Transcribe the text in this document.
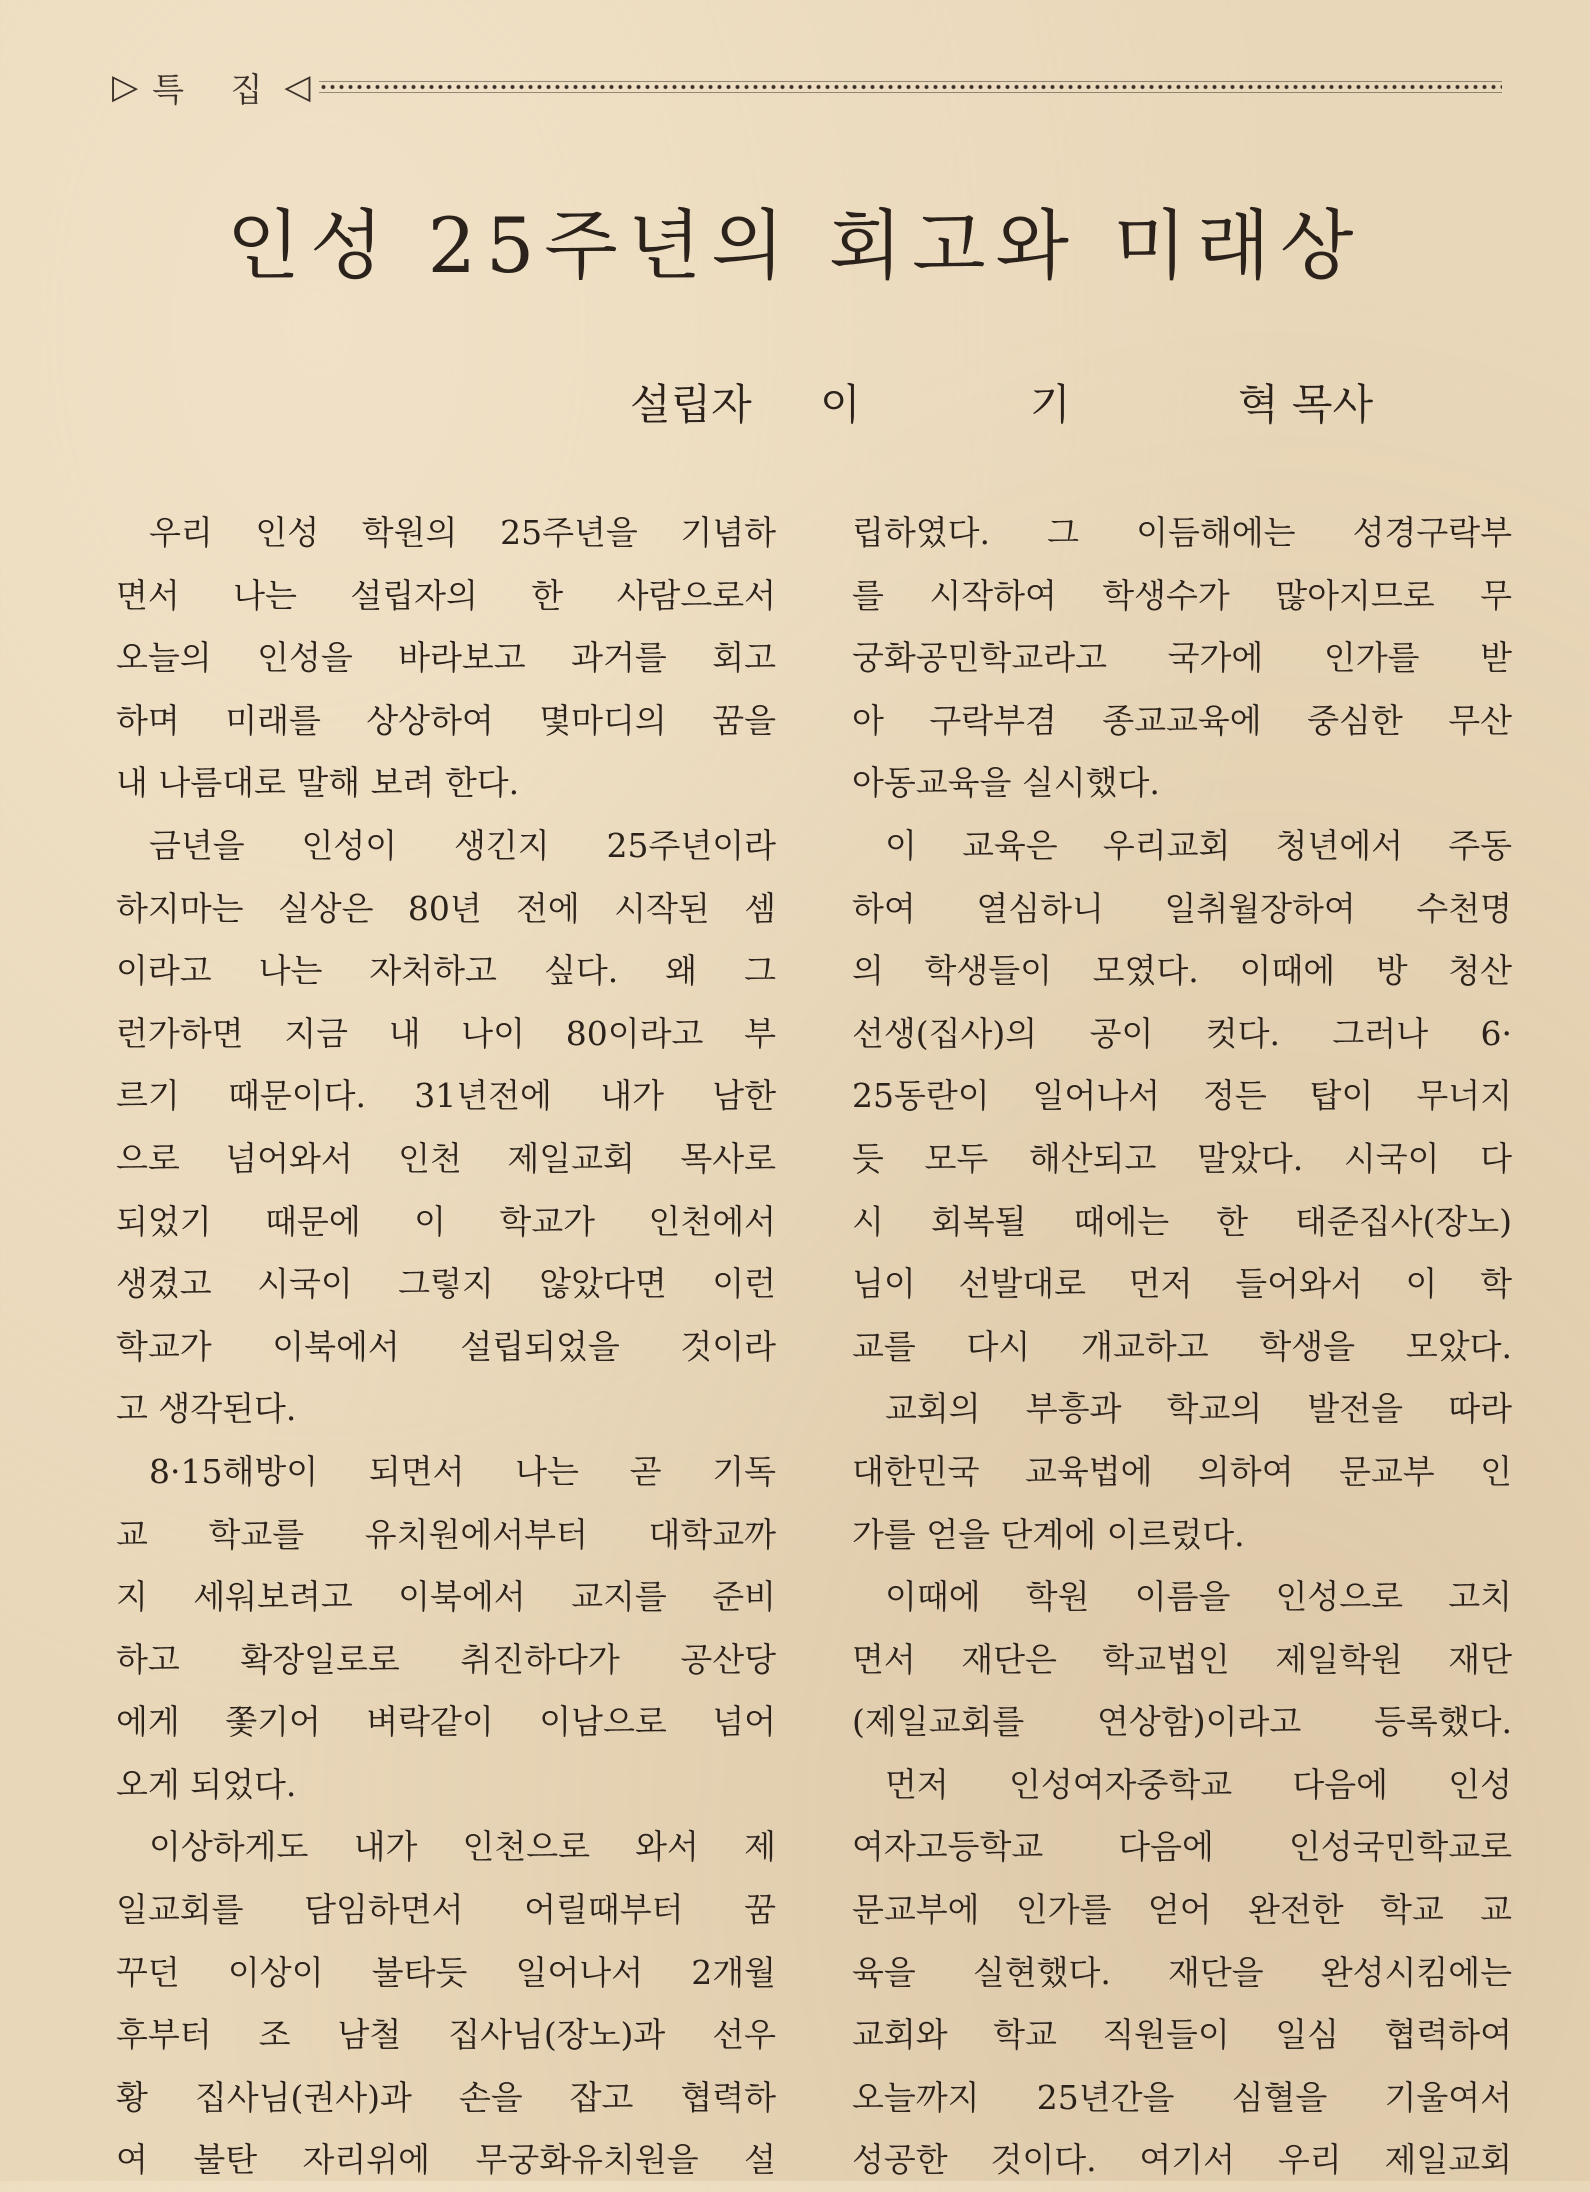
▷ 특 집 ◁
인성 25주년의 회고와 미래상
설립자 이	기	혁 목사
우리 인성 학원의 25주년을 기념하
면서 나는 설립자의 한 사람으로서
오늘의 인성을 바라보고 과거를 회고
하며 미래를 상상하여 몇마디의 꿈을
내 나름대로 말해 보려 한다.
금년을 인성이 생긴지 25주년이라
하지마는 실상은 80년 전에 시작된 셈
이라고 나는 자처하고 싶다. 왜 그
런가하면 지금 내 나이 80이라고 부
르기 때문이다. 31년전에 내가 남한
으로 넘어와서 인천 제일교회 목사로
되었기 때문에 이 학교가 인천에서
생겼고 시국이 그렇지 않았다면 이런
학교가 이북에서 설립되었을 것이라
고 생각된다.
8·15해방이 되면서 나는 곧 기독
교 학교를 유치원에서부터 대학교까
지 세워보려고 이북에서 교지를 준비
하고 확장일로로 취진하다가 공산당
에게 쫓기어 벼락같이 이남으로 넘어
오게 되었다.
이상하게도 내가 인천으로 와서 제
일교회를 담임하면서 어릴때부터 꿈
꾸던 이상이 불타듯 일어나서 2개월
후부터 조 남철 집사님(장노)과 선우
황 집사님(권사)과 손을 잡고 협력하
여 불탄 자리위에 무궁화유치원을 설
립하였다. 그 이듬해에는 성경구락부
를 시작하여 학생수가 많아지므로 무
궁화공민학교라고 국가에 인가를 받
아 구락부겸 종교교육에 중심한 무산
아동교육을 실시했다.
이 교육은 우리교회 청년에서 주동
하여 열심하니 일취월장하여 수천명
의 학생들이 모였다. 이때에 방 청산
선생(집사)의 공이 컷다. 그러나 6·
25동란이 일어나서 정든 탑이 무너지
듯 모두 해산되고 말았다. 시국이 다
시 회복될 때에는 한 태준집사(장노)
님이 선발대로 먼저 들어와서 이 학
교를 다시 개교하고 학생을 모았다.
교회의 부흥과 학교의 발전을 따라
대한민국 교육법에 의하여 문교부 인
가를 얻을 단계에 이르렀다.
이때에 학원 이름을 인성으로 고치
면서 재단은 학교법인 제일학원 재단
(제일교회를 연상함)이라고 등록했다.
먼저 인성여자중학교 다음에 인성
여자고등학교 다음에 인성국민학교로
문교부에 인가를 얻어 완전한 학교 교
육을 실현했다. 재단을 완성시킴에는
교회와 학교 직원들이 일심 협력하여
오늘까지 25년간을 심혈을 기울여서
성공한 것이다. 여기서 우리 제일교회
